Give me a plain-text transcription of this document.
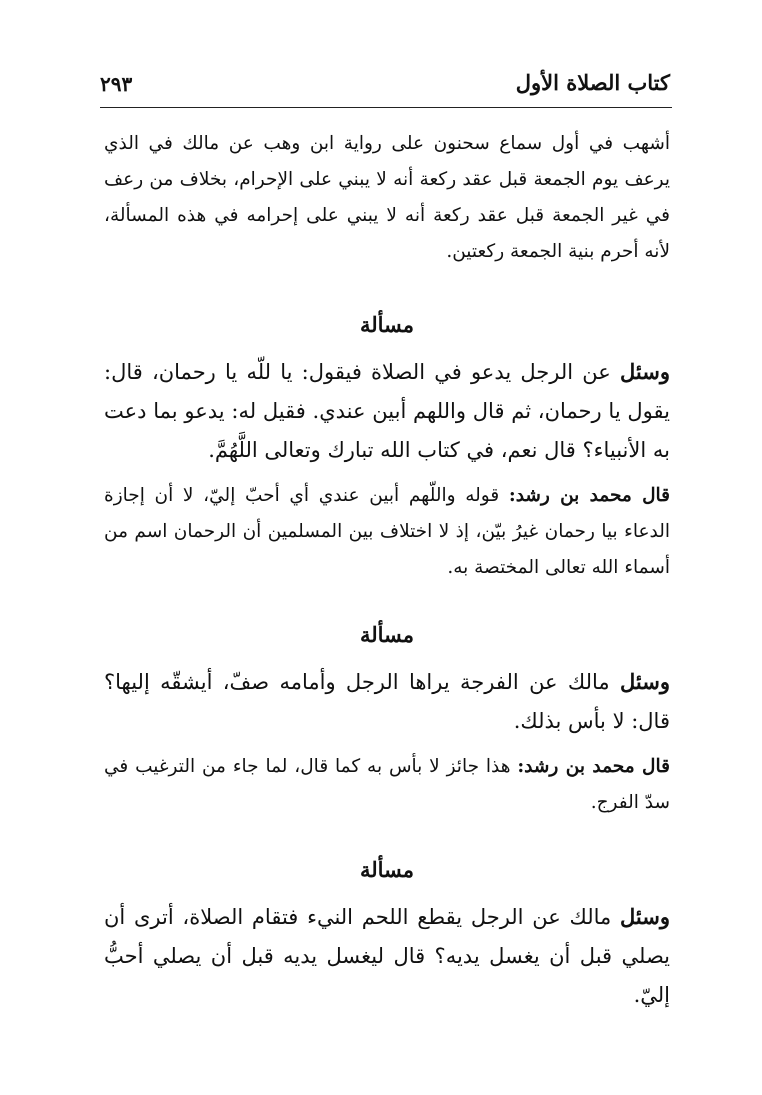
كتاب الصلاة الأول
٢٩٣

أشهب في أول سماع سحنون على رواية ابن وهب عن مالك في الذي يرعف يوم الجمعة قبل عقد ركعة أنه لا يبني على الإحرام، بخلاف من رعف في غير الجمعة قبل عقد ركعة أنه لا يبني على إحرامه في هذه المسألة، لأنه أحرم بنية الجمعة ركعتين.

مسألة

وسئل عن الرجل يدعو في الصلاة فيقول: يا للّه يا رحمان، قال: يقول يا رحمان، ثم قال واللهم أبين عندي. فقيل له: يدعو بما دعت به الأنبياء؟ قال نعم، في كتاب الله تبارك وتعالى اللَّهُمَّ.

قال محمد بن رشد: قوله واللّهم أبين عندي أي أحبّ إليّ، لا أن إجازة الدعاء بيا رحمان غيرُ بيّن، إذ لا اختلاف بين المسلمين أن الرحمان اسم من أسماء الله تعالى المختصة به.

مسألة

وسئل مالك عن الفرجة يراها الرجل وأمامه صفّ، أيشقّه إليها؟ قال: لا بأس بذلك.

قال محمد بن رشد: هذا جائز لا بأس به كما قال، لما جاء من الترغيب في سدّ الفرج.

مسألة

وسئل مالك عن الرجل يقطع اللحم النيء فتقام الصلاة، أترى أن يصلي قبل أن يغسل يديه؟ قال ليغسل يديه قبل أن يصلي أحبُّ إليّ.
